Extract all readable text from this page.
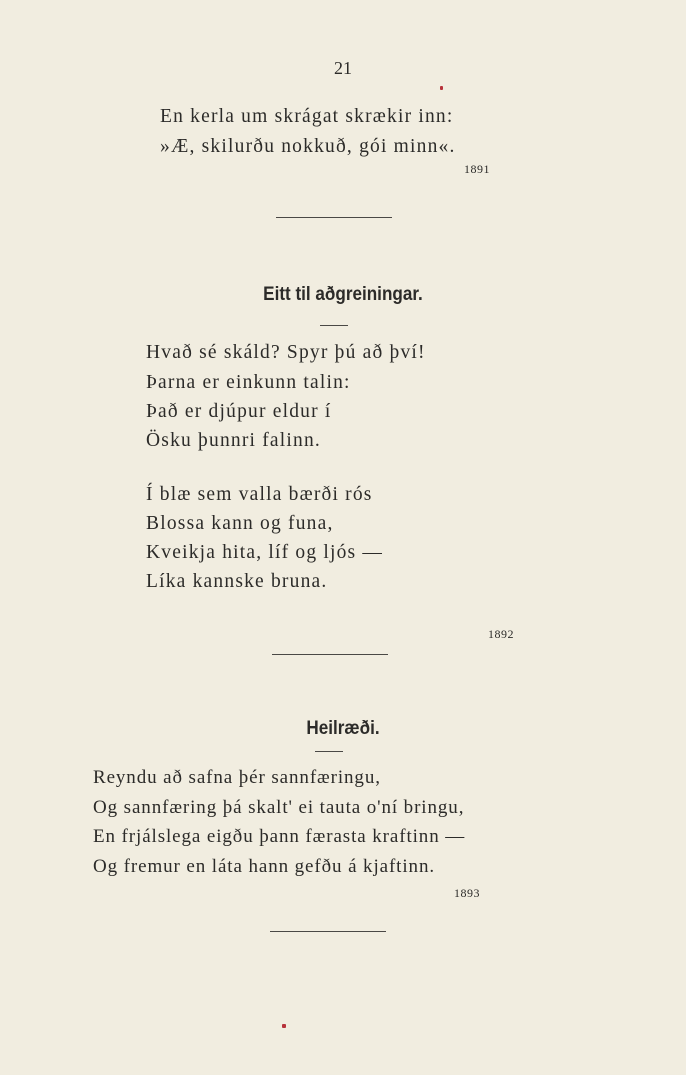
21
En kerla um skrágat skrækir inn:
»Æ, skilurðu nokkuð, gói minn«.
1891
Eitt til aðgreiningar.
Hvað sé skáld? Spyr þú að því!
Þarna er einkunn talin:
Það er djúpur eldur í
Ösku þunnri falinn.
Í blæ sem valla bærði rós
Blossa kann og funa,
Kveikja hita, líf og ljós —
Líka kannske bruna.
1892
Heilræði.
Reyndu að safna þér sannfæringu,
Og sannfæring þá skalt' ei tauta o'ní bringu,
En frjálslega eigðu þann færasta kraftinn —
Og fremur en láta hann gefðu á kjaftinn.
1893
